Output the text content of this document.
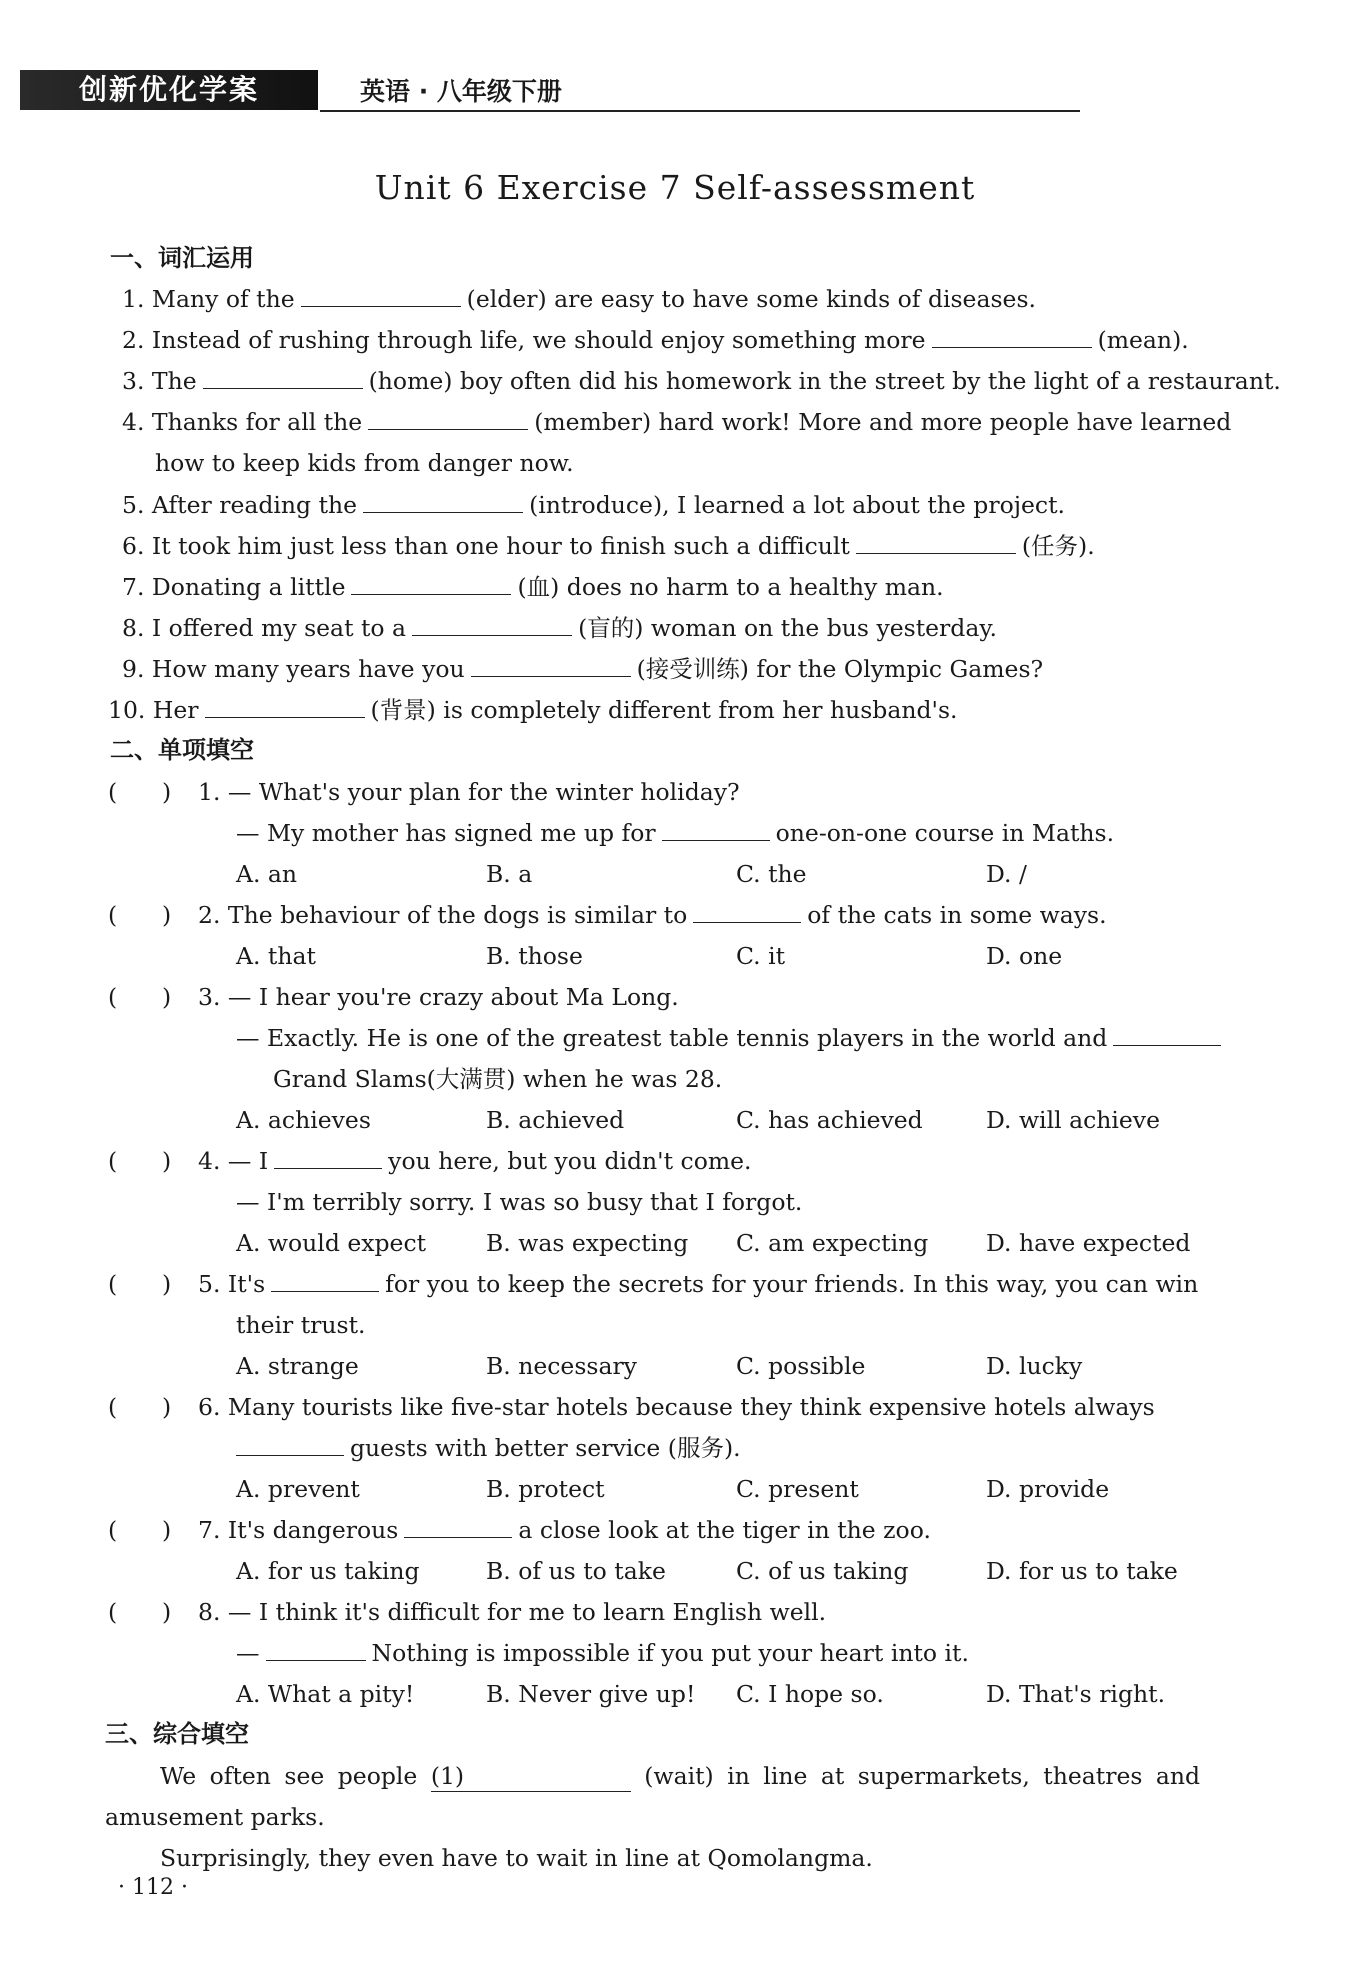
创新优化学案	英语 · 八年级下册
Unit 6 Exercise 7 Self-assessment
一、词汇运用
1. Many of the	(elder) are easy to have some kinds of diseases.
2. Instead of rushing through life, we should enjoy something more	(mean).
3. The	(home) boy often did his homework in the street by the light of a restaurant.
4. Thanks for all the	(member) hard work! More and more people have learned
how to keep kids from danger now.
5. After reading the	(introduce), I learned a lot about the project.
6. It took him just less than one hour to finish such a difficult	(任务).
7. Donating a little	(血) does no harm to a healthy man.
8. I offered my seat to a	(盲的) woman on the bus yesterday.
9. How many years have you	(接受训练) for the Olympic Games?
10. Her	(背景) is completely different from her husband's.
二、单项填空
(      ) 1. — What's your plan for the winter holiday?
— My mother has signed me up for	one-on-one course in Maths.
A. an	B. a	C. the	D. /
(      ) 2. The behaviour of the dogs is similar to	of the cats in some ways.
A. that	B. those	C. it	D. one
(      ) 3. — I hear you're crazy about Ma Long.
— Exactly. He is one of the greatest table tennis players in the world and
Grand Slams(大满贯) when he was 28.
A. achieves	B. achieved	C. has achieved	D. will achieve
(      ) 4. — I	you here, but you didn't come.
— I'm terribly sorry. I was so busy that I forgot.
A. would expect	B. was expecting C. am expecting D. have expected
(      ) 5. It's	for you to keep the secrets for your friends. In this way, you can win
their trust.
A. strange	B. necessary	C. possible	D. lucky
(      ) 6. Many tourists like five-star hotels because they think expensive hotels always
guests with better service (服务).
A. prevent	B. protect	C. present	D. provide
(      ) 7. It's dangerous	a close look at the tiger in the zoo.
A. for us taking	B. of us to take	C. of us taking	D. for us to take
(      ) 8. — I think it's difficult for me to learn English well.
—	Nothing is impossible if you put your heart into it.
A. What a pity!	B. Never give up! C. I hope so.	D. That's right.
三、综合填空
We often see people (1)	(wait) in line at supermarkets, theatres and
amusement parks.
Surprisingly, they even have to wait in line at Qomolangma.
· 112 ·
